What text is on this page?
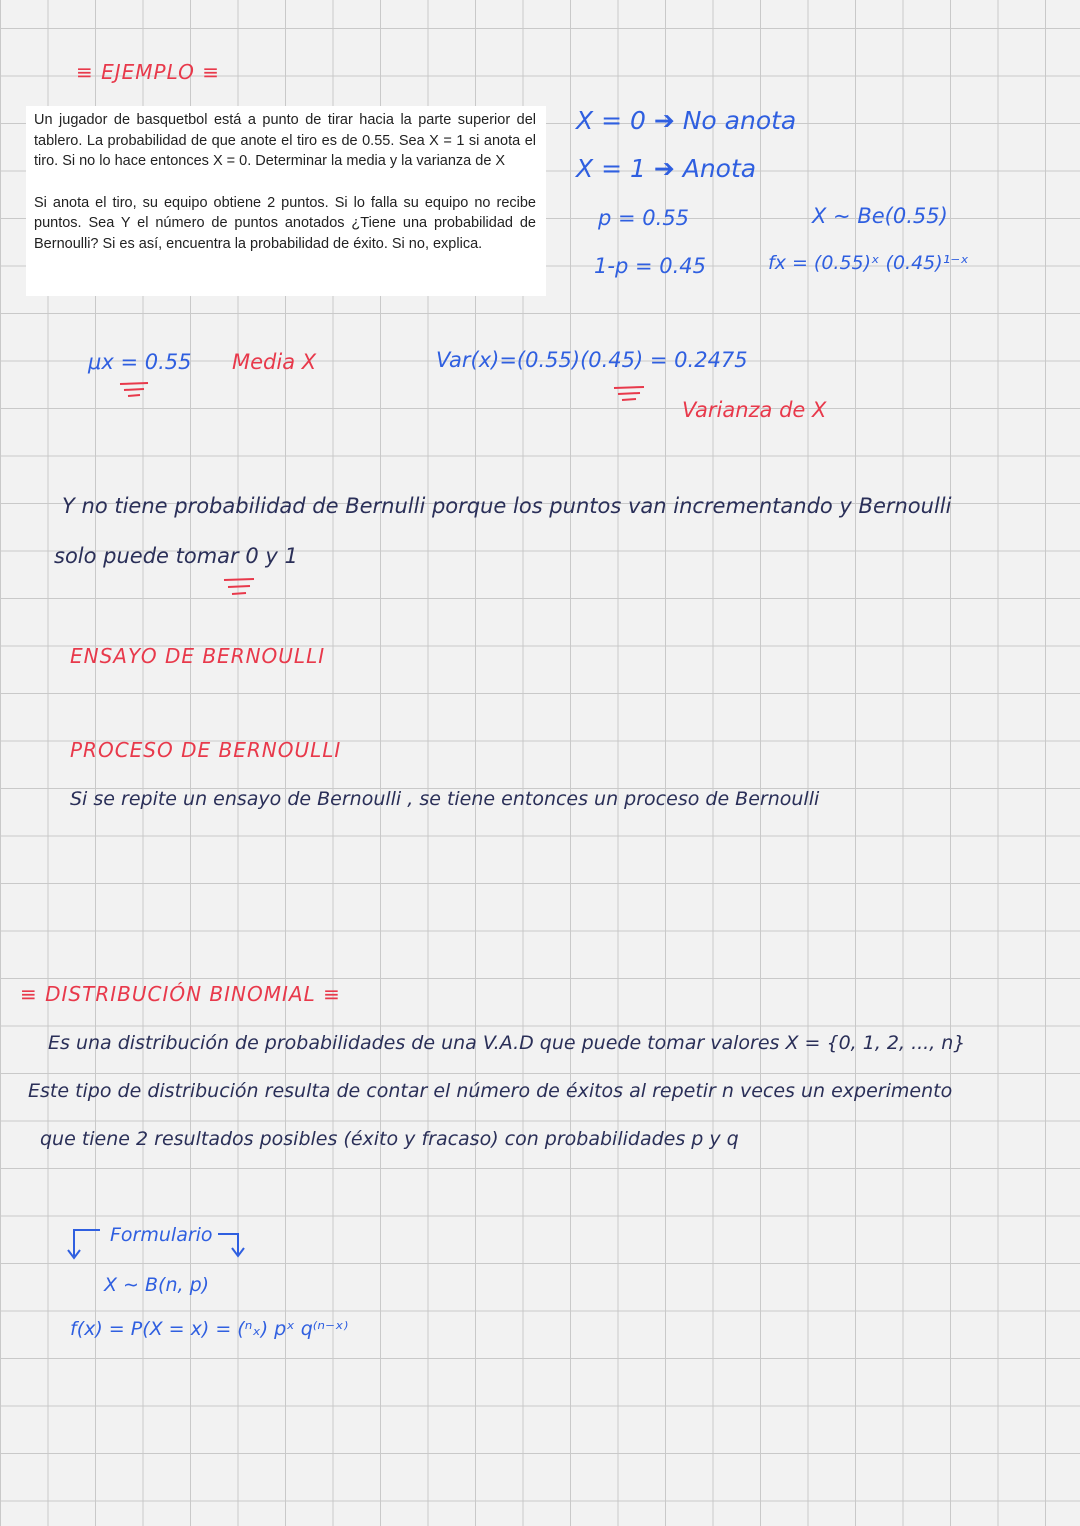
≡ EJEMPLO ≡

Un jugador de basquetbol está a punto de tirar hacia la parte superior del tablero. La probabilidad de que anote el tiro es de 0.55. Sea X = 1 si anota el tiro. Si no lo hace entonces X = 0. Determinar la media y la varianza de X

Si anota el tiro, su equipo obtiene 2 puntos. Si lo falla su equipo no recibe puntos. Sea Y el número de puntos anotados ¿Tiene una probabilidad de Bernoulli? Si es así, encuentra la probabilidad de éxito. Si no, explica.

X = 0 ➔ No anota
X = 1 ➔ Anota
p = 0.55
1-p = 0.45
X ∼ Be(0.55)
fx = (0.55)ˣ (0.45)¹⁻ˣ
μx = 0.55 Media X	Var(x)=(0.55)(0.45) = 0.2475
Varianza de X
Y no tiene probabilidad de Bernulli porque los puntos van incrementando y Bernoulli
solo puede tomar 0 y 1
ENSAYO DE BERNOULLI
PROCESO DE BERNOULLI
Si se repite un ensayo de Bernoulli , se tiene entonces un proceso de Bernoulli
≡ DISTRIBUCIÓN BINOMIAL ≡
Es una distribución de probabilidades de una V.A.D que puede tomar valores X = {0, 1, 2, ..., n}
Este tipo de distribución resulta de contar el número de éxitos al repetir n veces un experimento
que tiene 2 resultados posibles (éxito y fracaso) con probabilidades p y q
Formulario
X ∼ B(n, p)
f(x) = P(X = x) = (ⁿₓ) pˣ q⁽ⁿ⁻ˣ⁾
